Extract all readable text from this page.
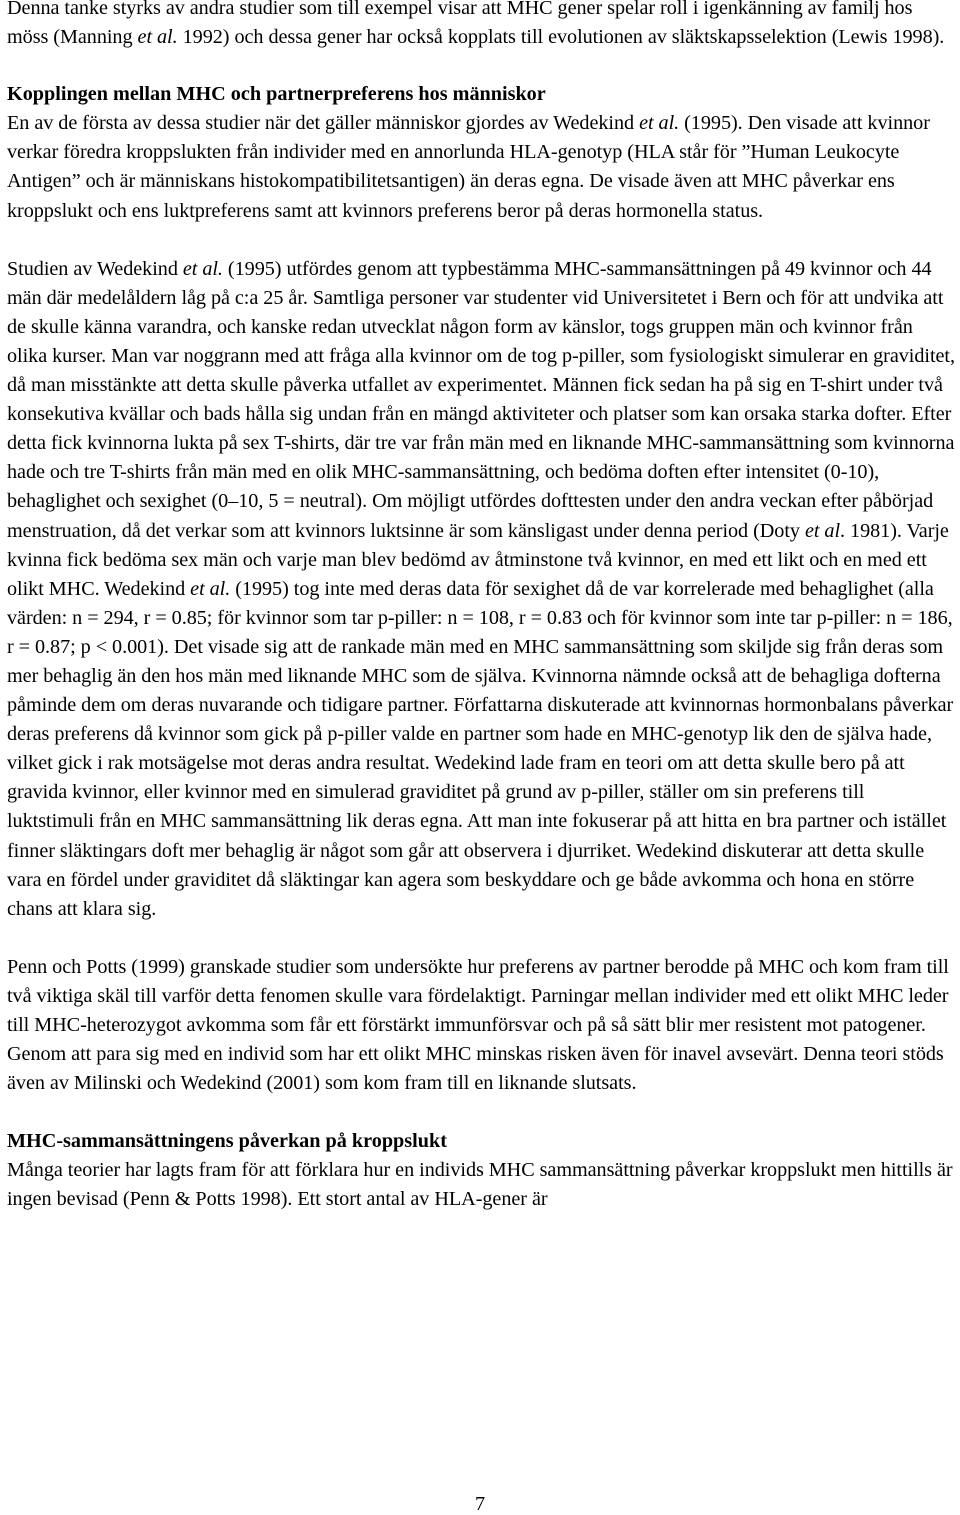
Denna tanke styrks av andra studier som till exempel visar att MHC gener spelar roll i igenkänning av familj hos möss (Manning et al. 1992) och dessa gener har också kopplats till evolutionen av släktskapsselektion (Lewis 1998).

Kopplingen mellan MHC och partnerpreferens hos människor

En av de första av dessa studier när det gäller människor gjordes av Wedekind et al. (1995). Den visade att kvinnor verkar föredra kroppslukten från individer med en annorlunda HLA-genotyp (HLA står för ”Human Leukocyte Antigen” och är människans histokompatibilitetsantigen) än deras egna. De visade även att MHC påverkar ens kroppslukt och ens luktpreferens samt att kvinnors preferens beror på deras hormonella status.

Studien av Wedekind et al. (1995) utfördes genom att typbestämma MHC-sammansättningen på 49 kvinnor och 44 män där medelåldern låg på c:a 25 år. Samtliga personer var studenter vid Universitetet i Bern och för att undvika att de skulle känna varandra, och kanske redan utvecklat någon form av känslor, togs gruppen män och kvinnor från olika kurser. Man var noggrann med att fråga alla kvinnor om de tog p-piller, som fysiologiskt simulerar en graviditet, då man misstänkte att detta skulle påverka utfallet av experimentet. Männen fick sedan ha på sig en T-shirt under två konsekutiva kvällar och bads hålla sig undan från en mängd aktiviteter och platser som kan orsaka starka dofter. Efter detta fick kvinnorna lukta på sex T-shirts, där tre var från män med en liknande MHC-sammansättning som kvinnorna hade och tre T-shirts från män med en olik MHC-sammansättning, och bedöma doften efter intensitet (0-10), behaglighet och sexighet (0–10, 5 = neutral). Om möjligt utfördes dofttesten under den andra veckan efter påbörjad menstruation, då det verkar som att kvinnors luktsinne är som känsligast under denna period (Doty et al. 1981). Varje kvinna fick bedöma sex män och varje man blev bedömd av åtminstone två kvinnor, en med ett likt och en med ett olikt MHC. Wedekind et al. (1995) tog inte med deras data för sexighet då de var korrelerade med behaglighet (alla värden: n = 294, r = 0.85; för kvinnor som tar p-piller: n = 108, r = 0.83 och för kvinnor som inte tar p-piller: n = 186, r = 0.87; p < 0.001). Det visade sig att de rankade män med en MHC sammansättning som skiljde sig från deras som mer behaglig än den hos män med liknande MHC som de själva. Kvinnorna nämnde också att de behagliga dofterna påminde dem om deras nuvarande och tidigare partner. Författarna diskuterade att kvinnornas hormonbalans påverkar deras preferens då kvinnor som gick på p-piller valde en partner som hade en MHC-genotyp lik den de själva hade, vilket gick i rak motsägelse mot deras andra resultat. Wedekind lade fram en teori om att detta skulle bero på att gravida kvinnor, eller kvinnor med en simulerad graviditet på grund av p-piller, ställer om sin preferens till luktstimuli från en MHC sammansättning lik deras egna. Att man inte fokuserar på att hitta en bra partner och istället finner släktingars doft mer behaglig är något som går att observera i djurriket. Wedekind diskuterar att detta skulle vara en fördel under graviditet då släktingar kan agera som beskyddare och ge både avkomma och hona en större chans att klara sig.

Penn och Potts (1999) granskade studier som undersökte hur preferens av partner berodde på MHC och kom fram till två viktiga skäl till varför detta fenomen skulle vara fördelaktigt. Parningar mellan individer med ett olikt MHC leder till MHC-heterozygot avkomma som får ett förstärkt immunförsvar och på så sätt blir mer resistent mot patogener. Genom att para sig med en individ som har ett olikt MHC minskas risken även för inavel avsevärt. Denna teori stöds även av Milinski och Wedekind (2001) som kom fram till en liknande slutsats.

MHC-sammansättningens påverkan på kroppslukt

Många teorier har lagts fram för att förklara hur en individs MHC sammansättning påverkar kroppslukt men hittills är ingen bevisad (Penn & Potts 1998). Ett stort antal av HLA-gener är

7
